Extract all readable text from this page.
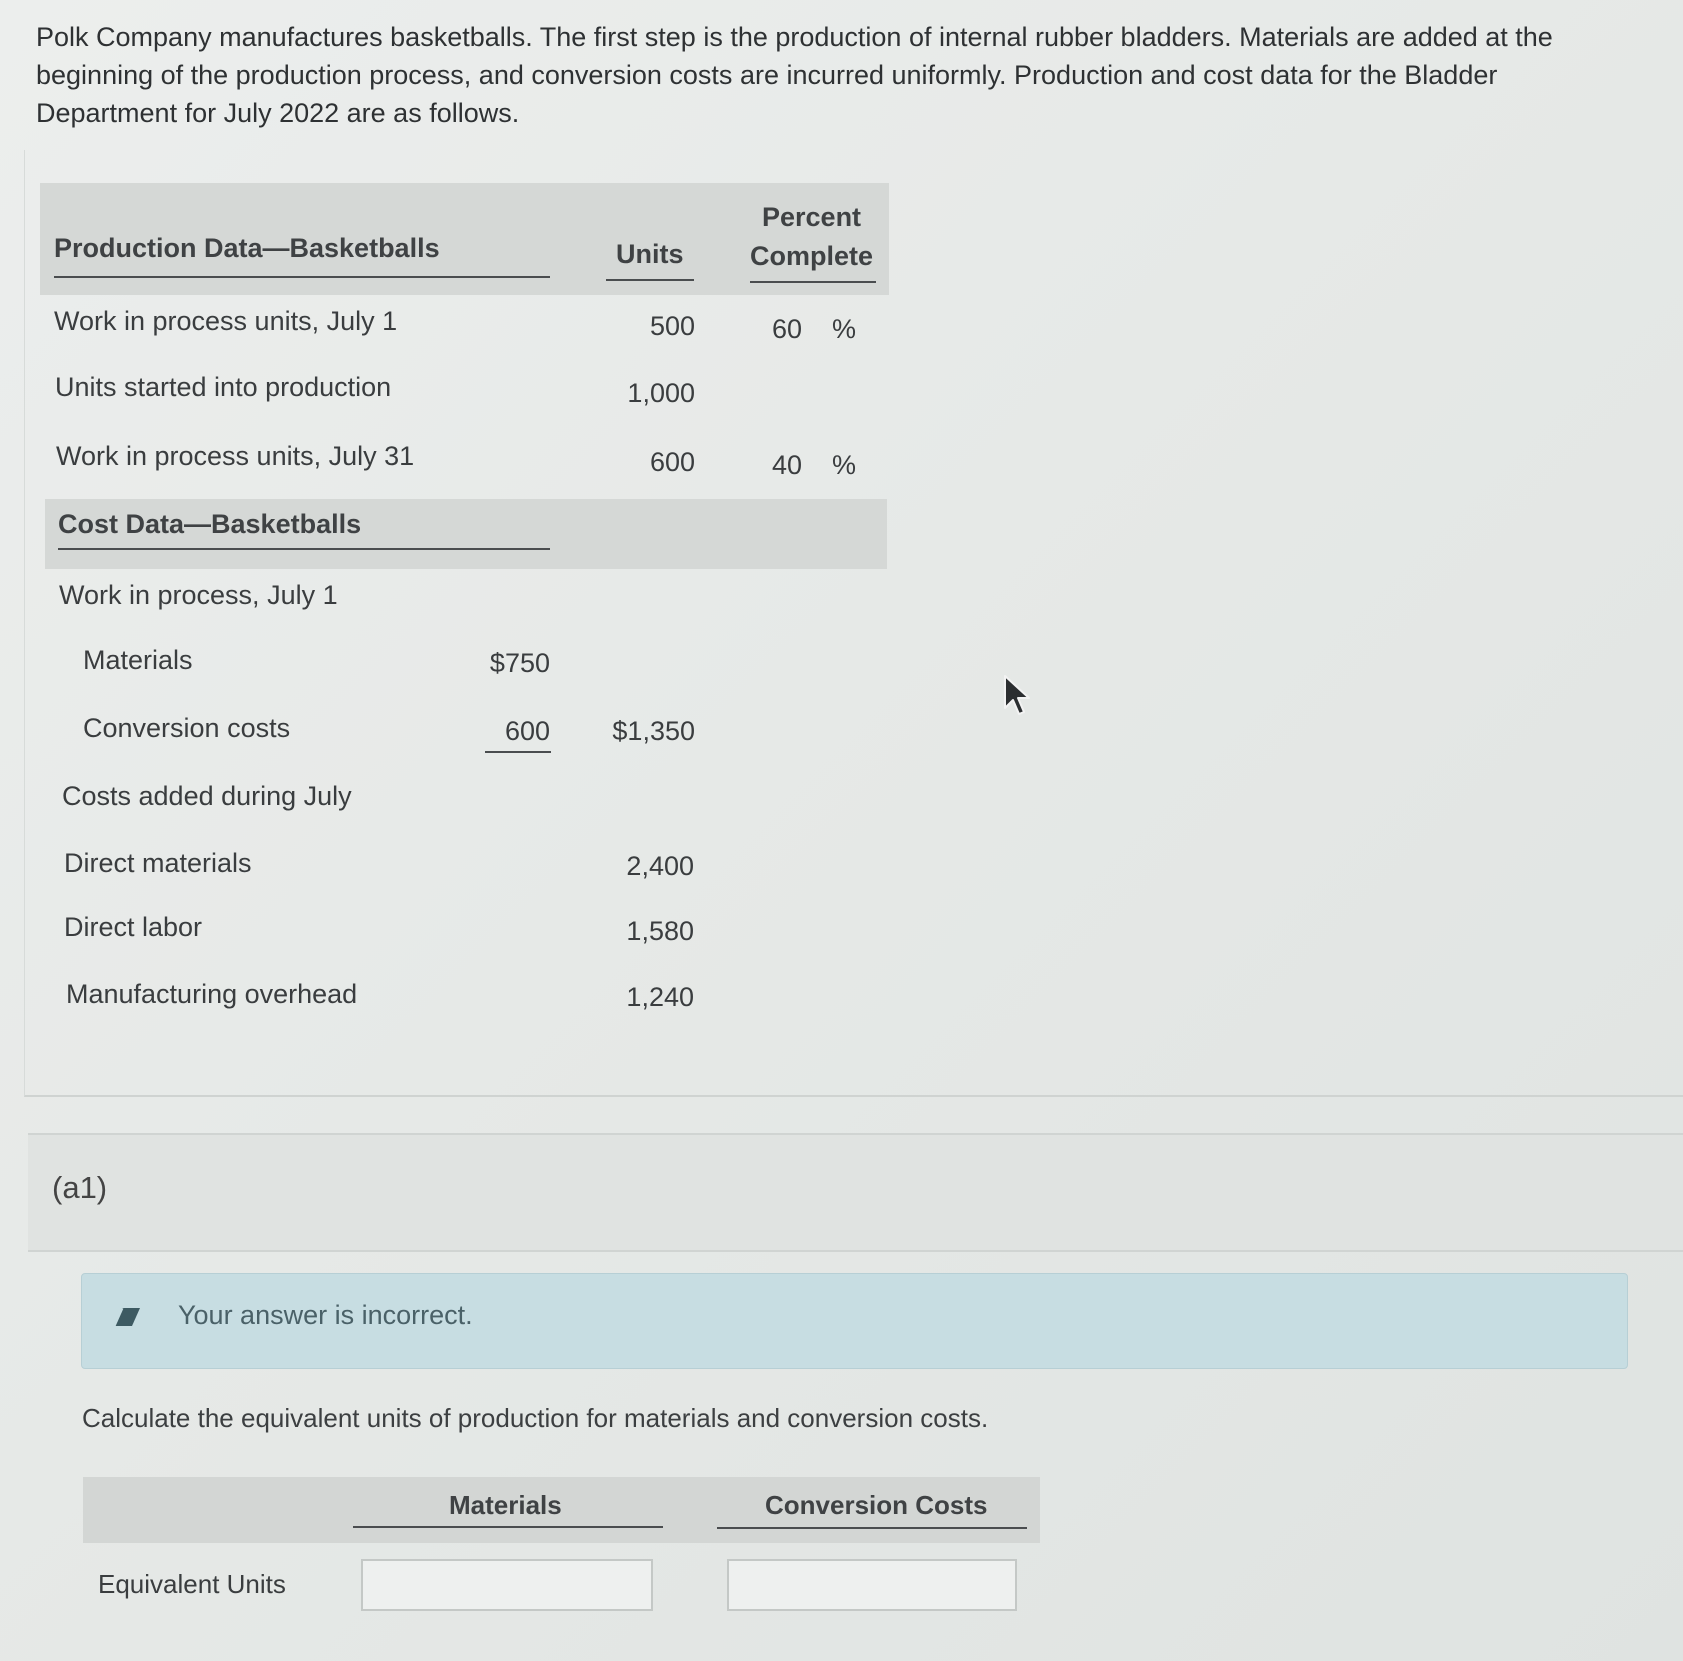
Polk Company manufactures basketballs. The first step is the production of internal rubber bladders. Materials are added at the beginning of the production process, and conversion costs are incurred uniformly. Production and cost data for the Bladder Department for July 2022 are as follows.

Production Data—Basketballs	Units
Percent
Complete
Work in process units, July 1	500	60 %
Units started into production	1,000
Work in process units, July 31	600	40 %
Cost Data—Basketballs
Work in process, July 1
Materials	$750
Conversion costs	600	$1,350
Costs added during July
Direct materials	2,400
Direct labor	1,580
Manufacturing overhead	1,240
(a1)
Your answer is incorrect.
Calculate the equivalent units of production for materials and conversion costs.
Materials	Conversion Costs
Equivalent Units
